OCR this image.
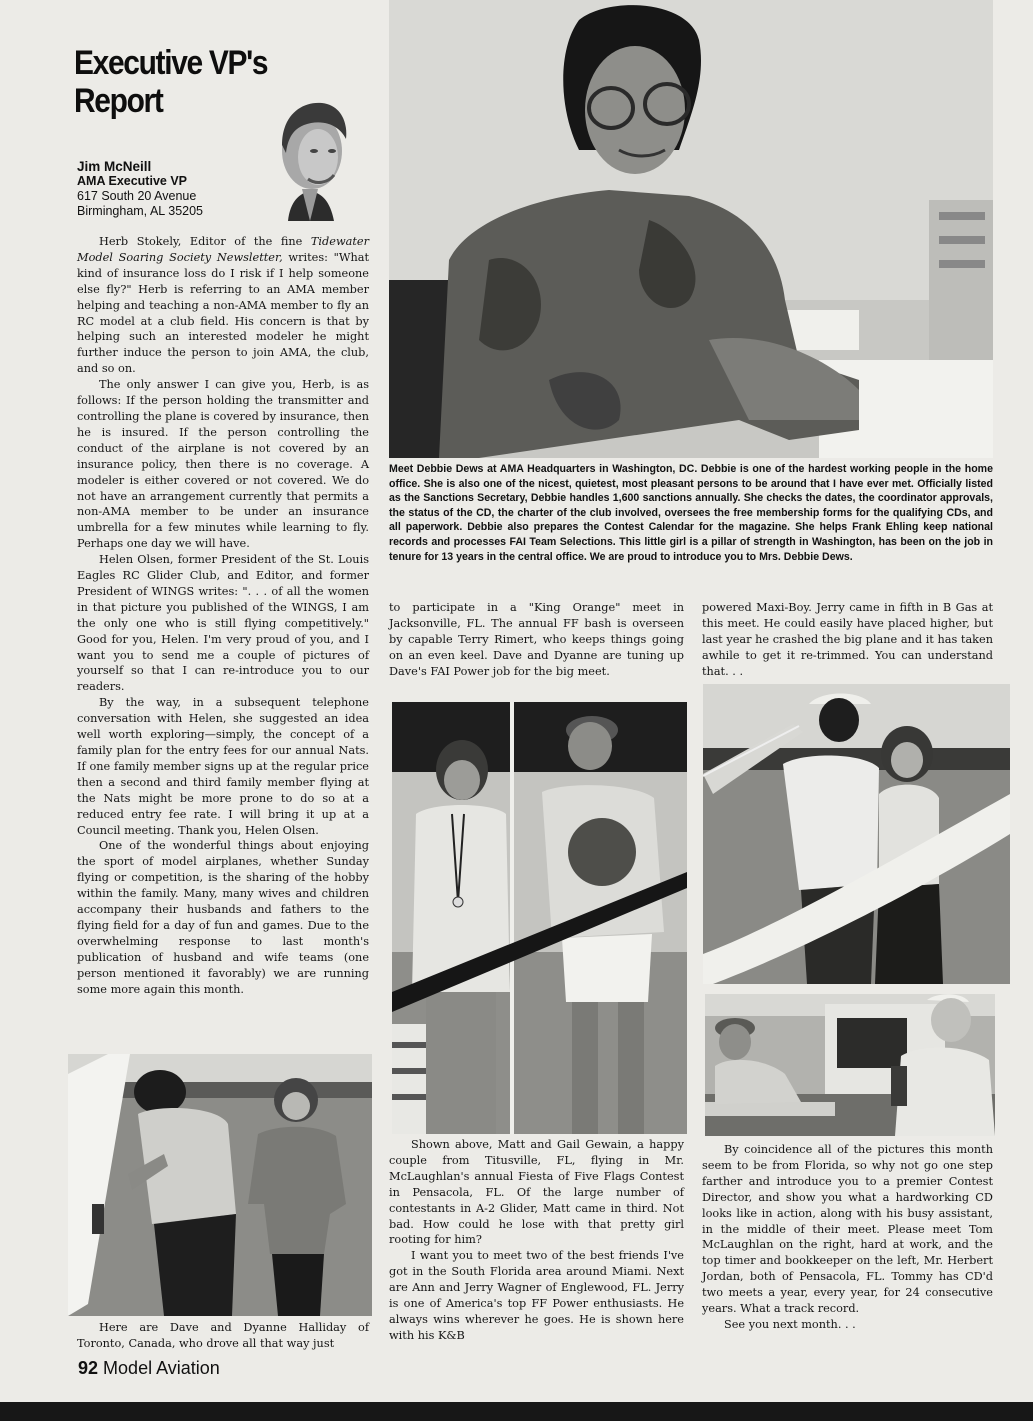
Executive VP's
Report
Jim McNeill
AMA Executive VP
617 South 20 Avenue
Birmingham, AL 35205

Herb Stokely, Editor of the fine Tidewater Model Soaring Society Newsletter, writes: "What kind of insurance loss do I risk if I help someone else fly?" Herb is referring to an AMA member helping and teaching a non-AMA member to fly an RC model at a club field. His concern is that by helping such an interested modeler he might further induce the person to join AMA, the club, and so on.

The only answer I can give you, Herb, is as follows: If the person holding the transmitter and controlling the plane is covered by insurance, then he is insured. If the person controlling the conduct of the airplane is not covered by an insurance policy, then there is no coverage. A modeler is either covered or not covered. We do not have an arrangement currently that permits a non-AMA member to be under an insurance umbrella for a few minutes while learning to fly. Perhaps one day we will have.

Helen Olsen, former President of the St. Louis Eagles RC Glider Club, and Editor, and former President of WINGS writes: ". . . of all the women in that picture you published of the WINGS, I am the only one who is still flying competitively." Good for you, Helen. I'm very proud of you, and I want you to send me a couple of pictures of yourself so that I can re-introduce you to our readers.

By the way, in a subsequent telephone conversation with Helen, she suggested an idea well worth exploring—simply, the concept of a family plan for the entry fees for our annual Nats. If one family member signs up at the regular price then a second and third family member flying at the Nats might be more prone to do so at a reduced entry fee rate. I will bring it up at a Council meeting. Thank you, Helen Olsen.

One of the wonderful things about enjoying the sport of model airplanes, whether Sunday flying or competition, is the sharing of the hobby within the family. Many, many wives and children accompany their husbands and fathers to the flying field for a day of fun and games. Due to the overwhelming response to last month's publication of husband and wife teams (one person mentioned it favorably) we are running some more again this month.

Here are Dave and Dyanne Halliday of Toronto, Canada, who drove all that way just

Meet Debbie Dews at AMA Headquarters in Washington, DC. Debbie is one of the hardest working people in the home office. She is also one of the nicest, quietest, most pleasant persons to be around that I have ever met. Officially listed as the Sanctions Secretary, Debbie handles 1,600 sanctions annually. She checks the dates, the coordinator approvals, the status of the CD, the charter of the club involved, oversees the free membership forms for the qualifying CDs, and all paperwork. Debbie also prepares the Contest Calendar for the magazine. She helps Frank Ehling keep national records and processes FAI Team Selections. This little girl is a pillar of strength in Washington, has been on the job in tenure for 13 years in the central office. We are proud to introduce you to Mrs. Debbie Dews.

to participate in a "King Orange" meet in Jacksonville, FL. The annual FF bash is overseen by capable Terry Rimert, who keeps things going on an even keel. Dave and Dyanne are tuning up Dave's FAI Power job for the big meet.

Shown above, Matt and Gail Gewain, a happy couple from Titusville, FL, flying in Mr. McLaughlan's annual Fiesta of Five Flags Contest in Pensacola, FL. Of the large number of contestants in A-2 Glider, Matt came in third. Not bad. How could he lose with that pretty girl rooting for him?

I want you to meet two of the best friends I've got in the South Florida area around Miami. Next are Ann and Jerry Wagner of Englewood, FL. Jerry is one of America's top FF Power enthusiasts. He always wins wherever he goes. He is shown here with his K&B

powered Maxi-Boy. Jerry came in fifth in B Gas at this meet. He could easily have placed higher, but last year he crashed the big plane and it has taken awhile to get it re-trimmed. You can understand that. . .

By coincidence all of the pictures this month seem to be from Florida, so why not go one step farther and introduce you to a premier Contest Director, and show you what a hardworking CD looks like in action, along with his busy assistant, in the middle of their meet. Please meet Tom McLaughlan on the right, hard at work, and the top timer and bookkeeper on the left, Mr. Herbert Jordan, both of Pensacola, FL. Tommy has CD'd two meets a year, every year, for 24 consecutive years. What a track record.

See you next month. . .

92 Model Aviation
